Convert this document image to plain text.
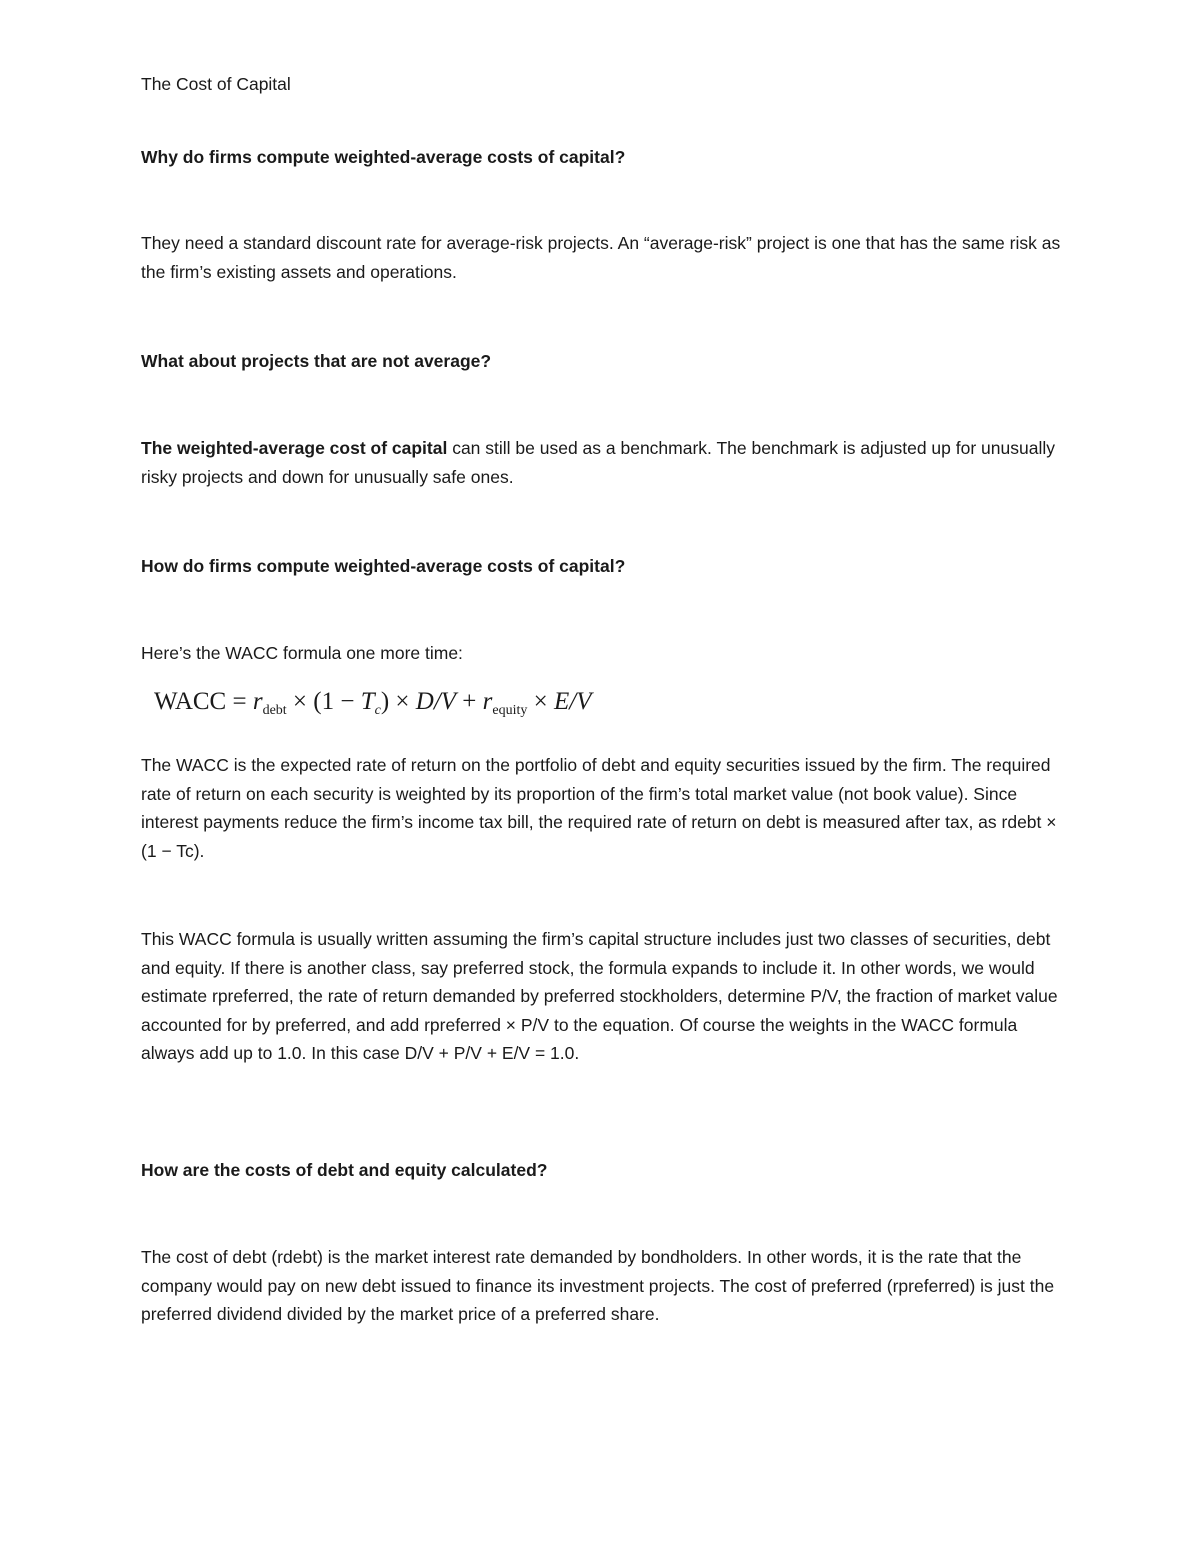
The Cost of Capital

Why do firms compute weighted-average costs of capital?

They need a standard discount rate for average-risk projects. An “average-risk” project is one that has the same risk as the firm’s existing assets and operations.

What about projects that are not average?

The weighted-average cost of capital can still be used as a benchmark. The benchmark is adjusted up for unusually risky projects and down for unusually safe ones.

How do firms compute weighted-average costs of capital?

Here’s the WACC formula one more time:

WACC = $r_{debt} \times (1 - T_c) \times D/V + r_{equity} \times E/V$

The WACC is the expected rate of return on the portfolio of debt and equity securities issued by the firm. The required rate of return on each security is weighted by its proportion of the firm’s total market value (not book value). Since interest payments reduce the firm’s income tax bill, the required rate of return on debt is measured after tax, as rdebt × (1 − Tc).

This WACC formula is usually written assuming the firm’s capital structure includes just two classes of securities, debt and equity. If there is another class, say preferred stock, the formula expands to include it. In other words, we would estimate rpreferred, the rate of return demanded by preferred stockholders, determine P/V, the fraction of market value accounted for by preferred, and add rpreferred × P/V to the equation. Of course the weights in the WACC formula always add up to 1.0. In this case D/V + P/V + E/V = 1.0.

How are the costs of debt and equity calculated?

The cost of debt (rdebt) is the market interest rate demanded by bondholders. In other words, it is the rate that the company would pay on new debt issued to finance its investment projects. The cost of preferred (rpreferred) is just the preferred dividend divided by the market price of a preferred share.
